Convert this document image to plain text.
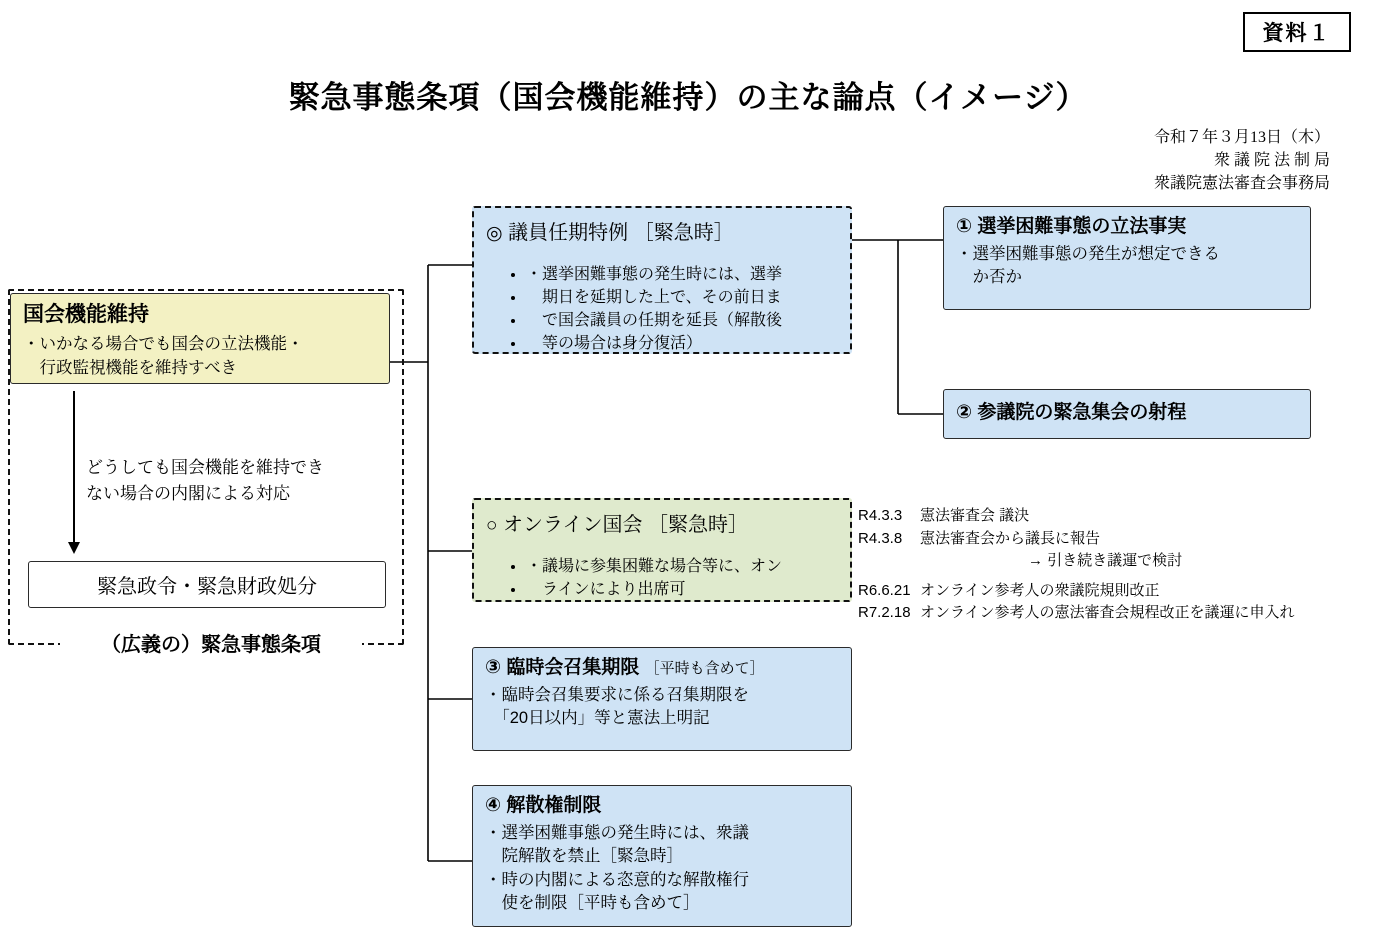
資料１
緊急事態条項（国会機能維持）の主な論点（イメージ）
令和７年３月13日（木）
衆 議 院 法 制 局
衆議院憲法審査会事務局
（広義の）緊急事態条項
国会機能維持
・いかなる場合でも国会の立法機能・
　行政監視機能を維持すべき
どうしても国会機能を維持でき
ない場合の内閣による対応
緊急政令・緊急財政処分
◎ 議員任期特例 ［緊急時］
• ・選挙困難事態の発生時には、選挙
• 　期日を延期した上で、その前日ま
• 　で国会議員の任期を延長（解散後
• 　等の場合は身分復活）
○ オンライン国会 ［緊急時］
• ・議場に参集困難な場合等に、オン
• 　ラインにより出席可
③ 臨時会召集期限 ［平時も含めて］
・臨時会召集要求に係る召集期限を
　「20日以内」等と憲法上明記
④ 解散権制限
・選挙困難事態の発生時には、衆議
　院解散を禁止［緊急時］
・時の内閣による恣意的な解散権行
　使を制限［平時も含めて］
① 選挙困難事態の立法事実
・選挙困難事態の発生が想定できる
　か否か
② 参議院の緊急集会の射程
R4.3.3 憲法審査会 議決
R4.3.8 憲法審査会から議長に報告
→ 引き続き議運で検討
R6.6.21 オンライン参考人の衆議院規則改正
R7.2.18 オンライン参考人の憲法審査会規程改正を議運に申入れ
